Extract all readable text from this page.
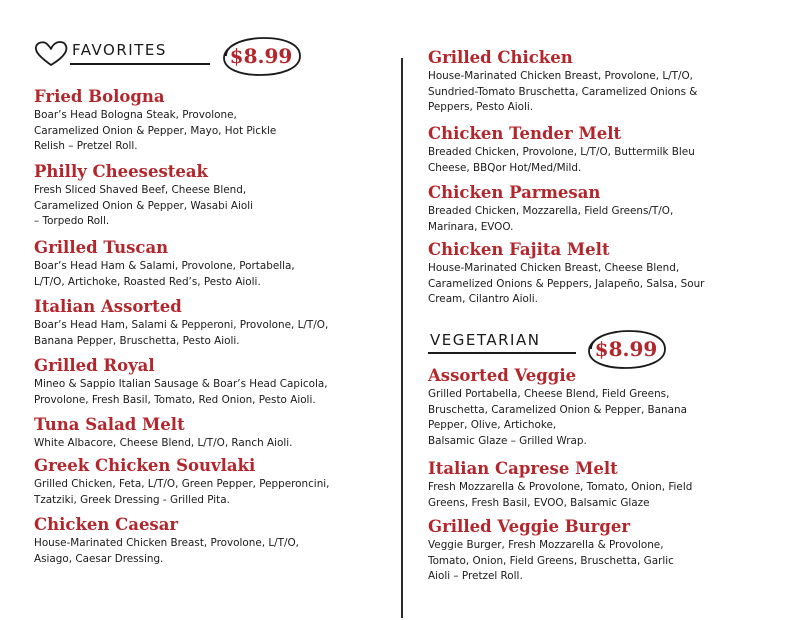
FAVORITES	$8.99
Fried Bologna
Boar’s Head Bologna Steak, Provolone,
Caramelized Onion & Pepper, Mayo, Hot Pickle
Relish – Pretzel Roll.
Philly Cheesesteak
Fresh Sliced Shaved Beef, Cheese Blend,
Caramelized Onion & Pepper, Wasabi Aioli
– Torpedo Roll.
Grilled Tuscan
Boar’s Head Ham & Salami, Provolone, Portabella,
L/T/O, Artichoke, Roasted Red’s, Pesto Aioli.
Italian Assorted
Boar’s Head Ham, Salami & Pepperoni, Provolone, L/T/O,
Banana Pepper, Bruschetta, Pesto Aioli.
Grilled Royal
Mineo & Sappio Italian Sausage & Boar’s Head Capicola,
Provolone, Fresh Basil, Tomato, Red Onion, Pesto Aioli.
Tuna Salad Melt
White Albacore, Cheese Blend, L/T/O, Ranch Aioli.
Greek Chicken Souvlaki
Grilled Chicken, Feta, L/T/O, Green Pepper, Pepperoncini,
Tzatziki, Greek Dressing - Grilled Pita.
Chicken Caesar
House-Marinated Chicken Breast, Provolone, L/T/O,
Asiago, Caesar Dressing.
Grilled Chicken
House-Marinated Chicken Breast, Provolone, L/T/O,
Sundried-Tomato Bruschetta, Caramelized Onions &
Peppers, Pesto Aioli.
Chicken Tender Melt
Breaded Chicken, Provolone, L/T/O, Buttermilk Bleu
Cheese, BBQor Hot/Med/Mild.
Chicken Parmesan
Breaded Chicken, Mozzarella, Field Greens/T/O,
Marinara, EVOO.
Chicken Fajita Melt
House-Marinated Chicken Breast, Cheese Blend,
Caramelized Onions & Peppers, Jalapeño, Salsa, Sour
Cream, Cilantro Aioli.
VEGETARIAN	$8.99
Assorted Veggie
Grilled Portabella, Cheese Blend, Field Greens,
Bruschetta, Caramelized Onion & Pepper, Banana
Pepper, Olive, Artichoke,
Balsamic Glaze – Grilled Wrap.
Italian Caprese Melt
Fresh Mozzarella & Provolone, Tomato, Onion, Field
Greens, Fresh Basil, EVOO, Balsamic Glaze
Grilled Veggie Burger
Veggie Burger, Fresh Mozzarella & Provolone,
Tomato, Onion, Field Greens, Bruschetta, Garlic
Aioli – Pretzel Roll.
